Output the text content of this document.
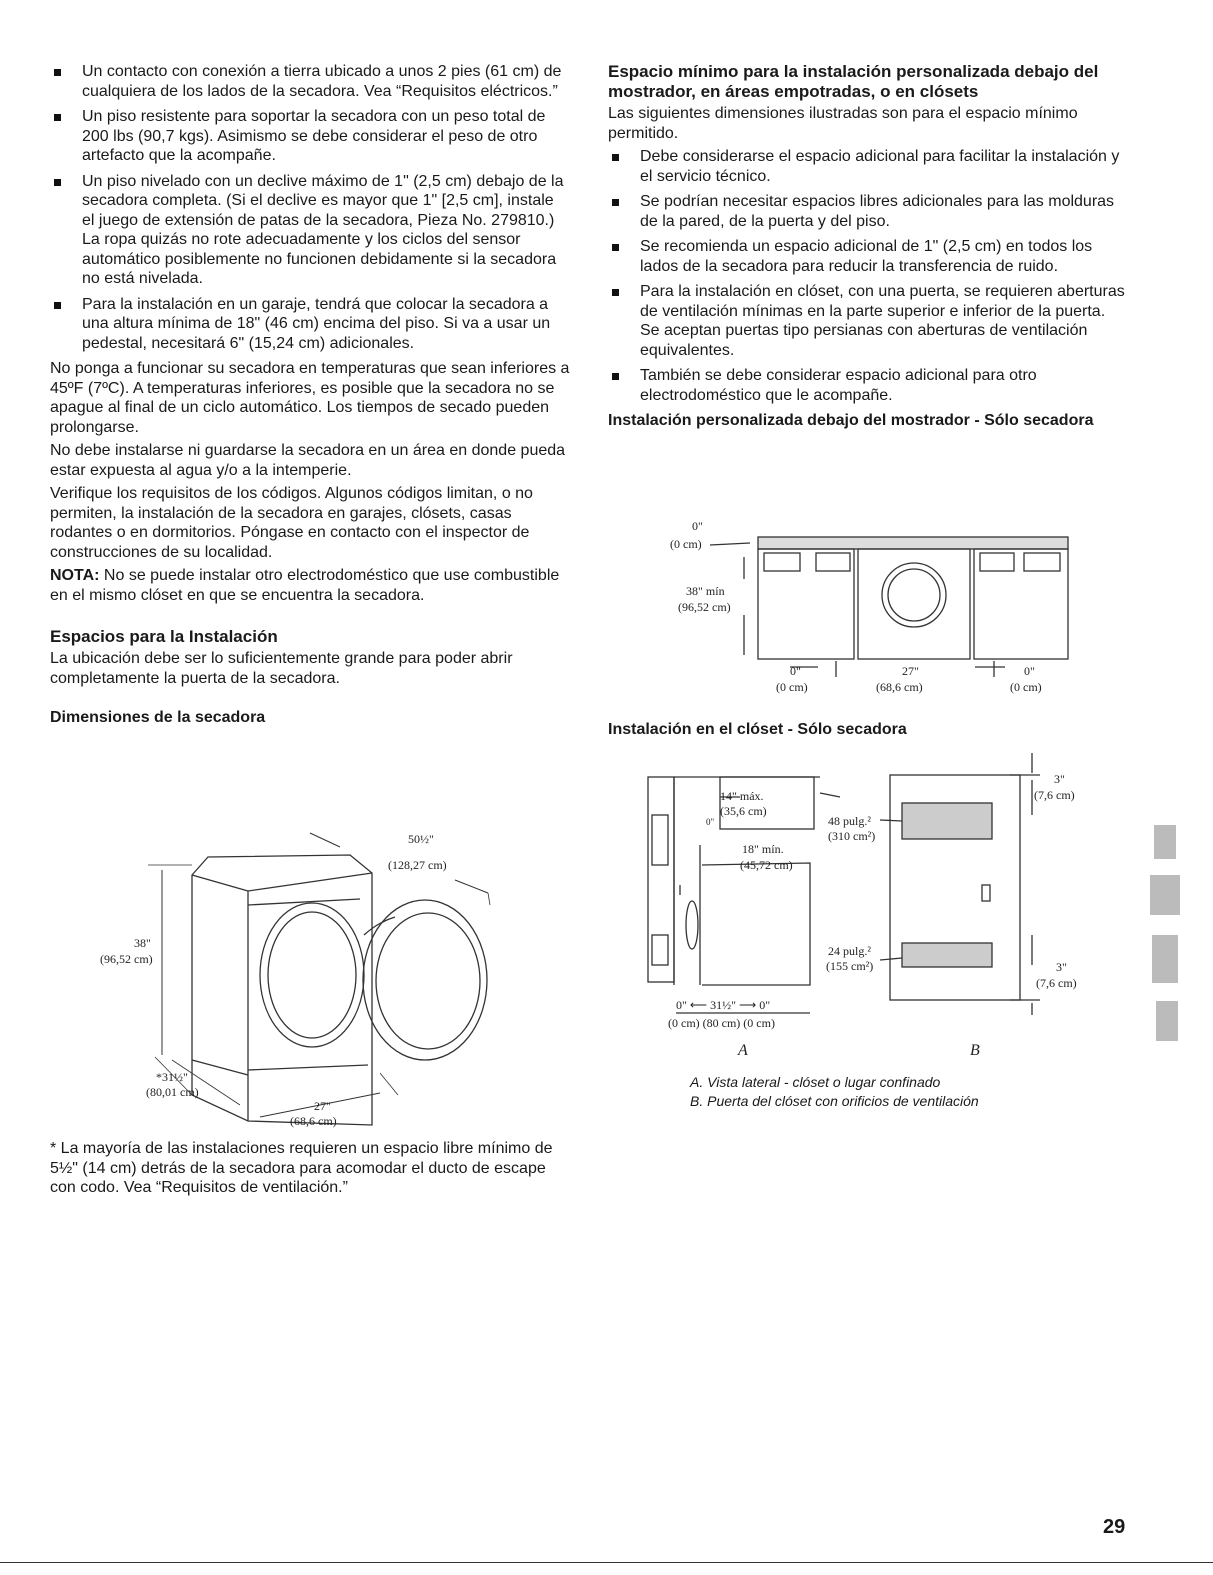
Un contacto con conexión a tierra ubicado a unos 2 pies (61 cm) de cualquiera de los lados de la secadora. Vea “Requisitos eléctricos.”
Un piso resistente para soportar la secadora con un peso total de 200 lbs (90,7 kgs). Asimismo se debe considerar el peso de otro artefacto que la acompañe.
Un piso nivelado con un declive máximo de 1" (2,5 cm) debajo de la secadora completa. (Si el declive es mayor que 1" [2,5 cm], instale el juego de extensión de patas de la secadora, Pieza No. 279810.) La ropa quizás no rote adecuadamente y los ciclos del sensor automático posiblemente no funcionen debidamente si la secadora no está nivelada.
Para la instalación en un garaje, tendrá que colocar la secadora a una altura mínima de 18" (46 cm) encima del piso. Si va a usar un pedestal, necesitará 6" (15,24 cm) adicionales.

No ponga a funcionar su secadora en temperaturas que sean inferiores a 45ºF (7ºC). A temperaturas inferiores, es posible que la secadora no se apague al final de un ciclo automático. Los tiempos de secado pueden prolongarse.

No debe instalarse ni guardarse la secadora en un área en donde pueda estar expuesta al agua y/o a la intemperie.

Verifique los requisitos de los códigos. Algunos códigos limitan, o no permiten, la instalación de la secadora en garajes, clósets, casas rodantes o en dormitorios. Póngase en contacto con el inspector de construcciones de su localidad.

NOTA: No se puede instalar otro electrodoméstico que use combustible en el mismo clóset en que se encuentra la secadora.

Espacios para la Instalación

La ubicación debe ser lo suficientemente grande para poder abrir completamente la puerta de la secadora.

Dimensiones de la secadora
50½"
(128,27 cm)
38"
(96,52 cm)
*31½"
(80,01 cm)
27"
(68,6 cm)

* La mayoría de las instalaciones requieren un espacio libre mínimo de 5½" (14 cm) detrás de la secadora para acomodar el ducto de escape con codo. Vea “Requisitos de ventilación.”

Espacio mínimo para la instalación personalizada debajo del mostrador, en áreas empotradas, o en clósets

Las siguientes dimensiones ilustradas son para el espacio mínimo permitido.

Debe considerarse el espacio adicional para facilitar la instalación y el servicio técnico.
Se podrían necesitar espacios libres adicionales para las molduras de la pared, de la puerta y del piso.
Se recomienda un espacio adicional de 1" (2,5 cm) en todos los lados de la secadora para reducir la transferencia de ruido.
Para la instalación en clóset, con una puerta, se requieren aberturas de ventilación mínimas en la parte superior e inferior de la puerta. Se aceptan puertas tipo persianas con aberturas de ventilación equivalentes.
También se debe considerar espacio adicional para otro electrodoméstico que le acompañe.
Instalación personalizada debajo del mostrador - Sólo secadora
0"
(0 cm)
38" mín
(96,52 cm)
0"
(0 cm)
27"
(68,6 cm)
0"
(0 cm)
Instalación en el clóset - Sólo secadora
14" máx.
(35,6 cm)
0"
18" mín.
(45,72 cm)
48 pulg.²
(310 cm²)
24 pulg.²
(155 cm²)
3"
(7,6 cm)
3"
(7,6 cm)
0" ⟵ 31½" ⟶ 0"
(0 cm) (80 cm) (0 cm)
A	B
A. Vista lateral - clóset o lugar confinado
B. Puerta del clóset con orificios de ventilación
29
